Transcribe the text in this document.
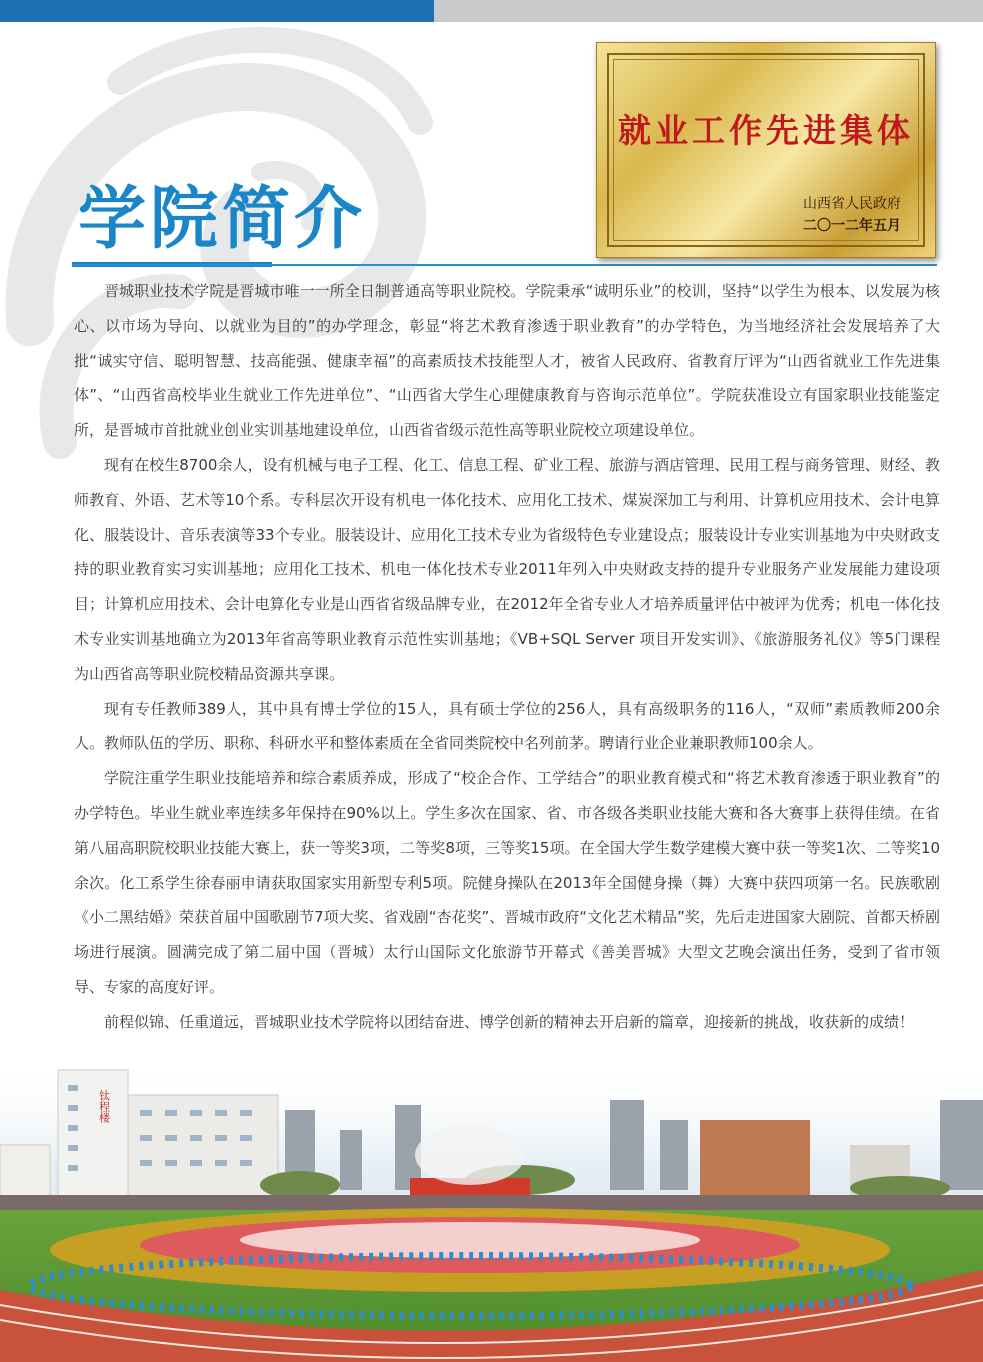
学院简介
就业工作先进集体
山西省人民政府
二〇一二年五月

晋城职业技术学院是晋城市唯一一所全日制普通高等职业院校。学院秉承“诚明乐业”的校训，坚持“以学生为根本、以发展为核心、以市场为导向、以就业为目的”的办学理念，彰显“将艺术教育渗透于职业教育”的办学特色，为当地经济社会发展培养了大批“诚实守信、聪明智慧、技高能强、健康幸福”的高素质技术技能型人才，被省人民政府、省教育厅评为“山西省就业工作先进集体”、“山西省高校毕业生就业工作先进单位”、“山西省大学生心理健康教育与咨询示范单位”。学院获准设立有国家职业技能鉴定所，是晋城市首批就业创业实训基地建设单位，山西省省级示范性高等职业院校立项建设单位。

现有在校生8700余人，设有机械与电子工程、化工、信息工程、矿业工程、旅游与酒店管理、民用工程与商务管理、财经、教师教育、外语、艺术等10个系。专科层次开设有机电一体化技术、应用化工技术、煤炭深加工与利用、计算机应用技术、会计电算化、服装设计、音乐表演等33个专业。服装设计、应用化工技术专业为省级特色专业建设点；服装设计专业实训基地为中央财政支持的职业教育实习实训基地；应用化工技术、机电一体化技术专业2011年列入中央财政支持的提升专业服务产业发展能力建设项目；计算机应用技术、会计电算化专业是山西省省级品牌专业，在2012年全省专业人才培养质量评估中被评为优秀；机电一体化技术专业实训基地确立为2013年省高等职业教育示范性实训基地；《VB+SQL Server 项目开发实训》、《旅游服务礼仪》等5门课程为山西省高等职业院校精品资源共享课。

现有专任教师389人，其中具有博士学位的15人，具有硕士学位的256人，具有高级职务的116人，“双师”素质教师200余人。教师队伍的学历、职称、科研水平和整体素质在全省同类院校中名列前茅。聘请行业企业兼职教师100余人。

学院注重学生职业技能培养和综合素质养成，形成了“校企合作、工学结合”的职业教育模式和“将艺术教育渗透于职业教育”的办学特色。毕业生就业率连续多年保持在90%以上。学生多次在国家、省、市各级各类职业技能大赛和各大赛事上获得佳绩。在省第八届高职院校职业技能大赛上，获一等奖3项，二等奖8项，三等奖15项。在全国大学生数学建模大赛中获一等奖1次、二等奖10余次。化工系学生徐春丽申请获取国家实用新型专利5项。院健身操队在2013年全国健身操（舞）大赛中获四项第一名。民族歌剧《小二黑结婚》荣获首届中国歌剧节7项大奖、省戏剧“杏花奖”、晋城市政府“文化艺术精品”奖，先后走进国家大剧院、首都天桥剧场进行展演。圆满完成了第二届中国（晋城）太行山国际文化旅游节开幕式《善美晋城》大型文艺晚会演出任务，受到了省市领导、专家的高度好评。

前程似锦、任重道远，晋城职业技术学院将以团结奋进、博学创新的精神去开启新的篇章，迎接新的挑战，收获新的成绩！

钛程楼
